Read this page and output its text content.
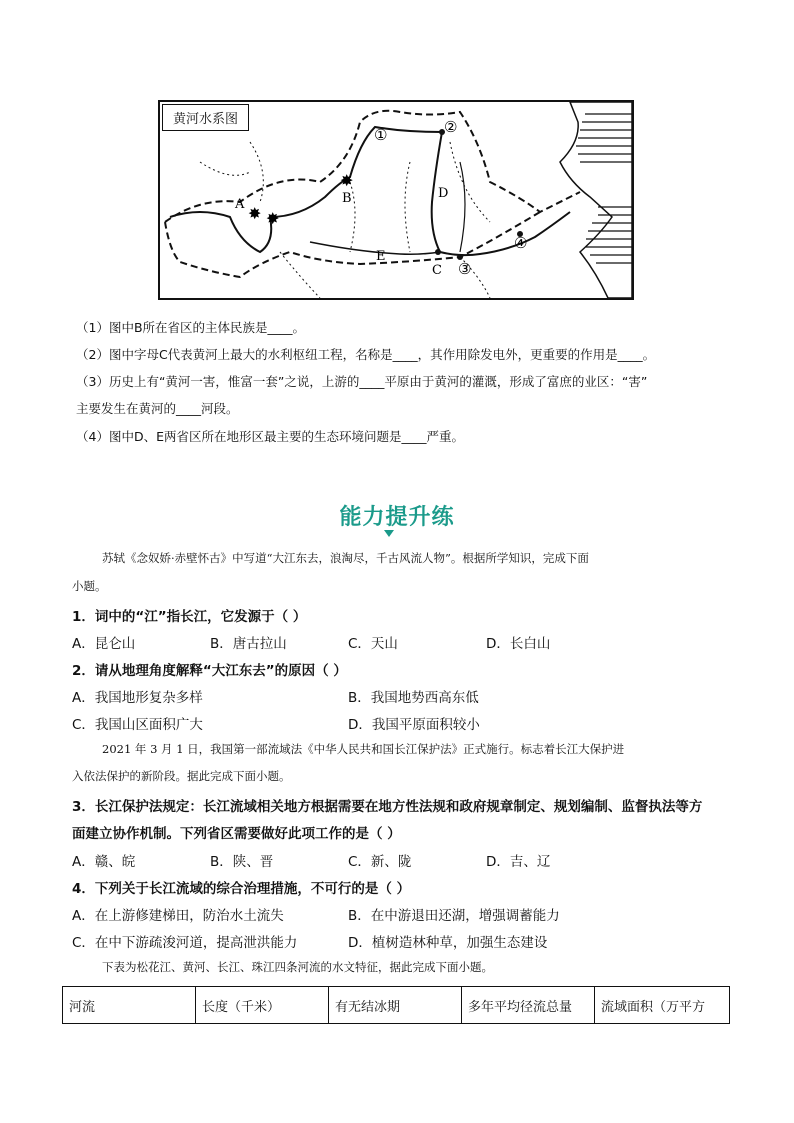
黄河水系图
✸ ✸
✸
A	B
C
D
E
①	②
③
④
（1）图中B所在省区的主体民族是____。
（2）图中字母C代表黄河上最大的水利枢纽工程，名称是____，其作用除发电外，更重要的作用是____。
（3）历史上有“黄河一害，惟富一套”之说，上游的____平原由于黄河的灌溉，形成了富庶的业区：“害”
主要发生在黄河的____河段。
（4）图中D、E两省区所在地形区最主要的生态环境问题是____严重。
能力提升练
苏轼《念奴娇·赤壁怀古》中写道“大江东去，浪淘尽，千古风流人物”。根据所学知识，完成下面
小题。
1．词中的“江”指长江，它发源于（ ）
A．昆仑山	B．唐古拉山	C．天山	D．长白山
2．请从地理角度解释“大江东去”的原因（ ）
A．我国地形复杂多样	B．我国地势西高东低
C．我国山区面积广大	D．我国平原面积较小
2021 年 3 月 1 日，我国第一部流域法《中华人民共和国长江保护法》正式施行。标志着长江大保护进
入依法保护的新阶段。据此完成下面小题。
3．长江保护法规定：长江流域相关地方根据需要在地方性法规和政府规章制定、规划编制、监督执法等方
面建立协作机制。下列省区需要做好此项工作的是（ ）
A．赣、皖	B．陕、晋	C．新、陇	D．吉、辽
4．下列关于长江流域的综合治理措施，不可行的是（ ）
A．在上游修建梯田，防治水土流失	B．在中游退田还湖，增强调蓄能力
C．在中下游疏浚河道，提高泄洪能力	D．植树造林种草，加强生态建设
下表为松花江、黄河、长江、珠江四条河流的水文特征，据此完成下面小题。
河流	长度（千米）	有无结冰期	多年平均径流总量	流域面积（万平方
